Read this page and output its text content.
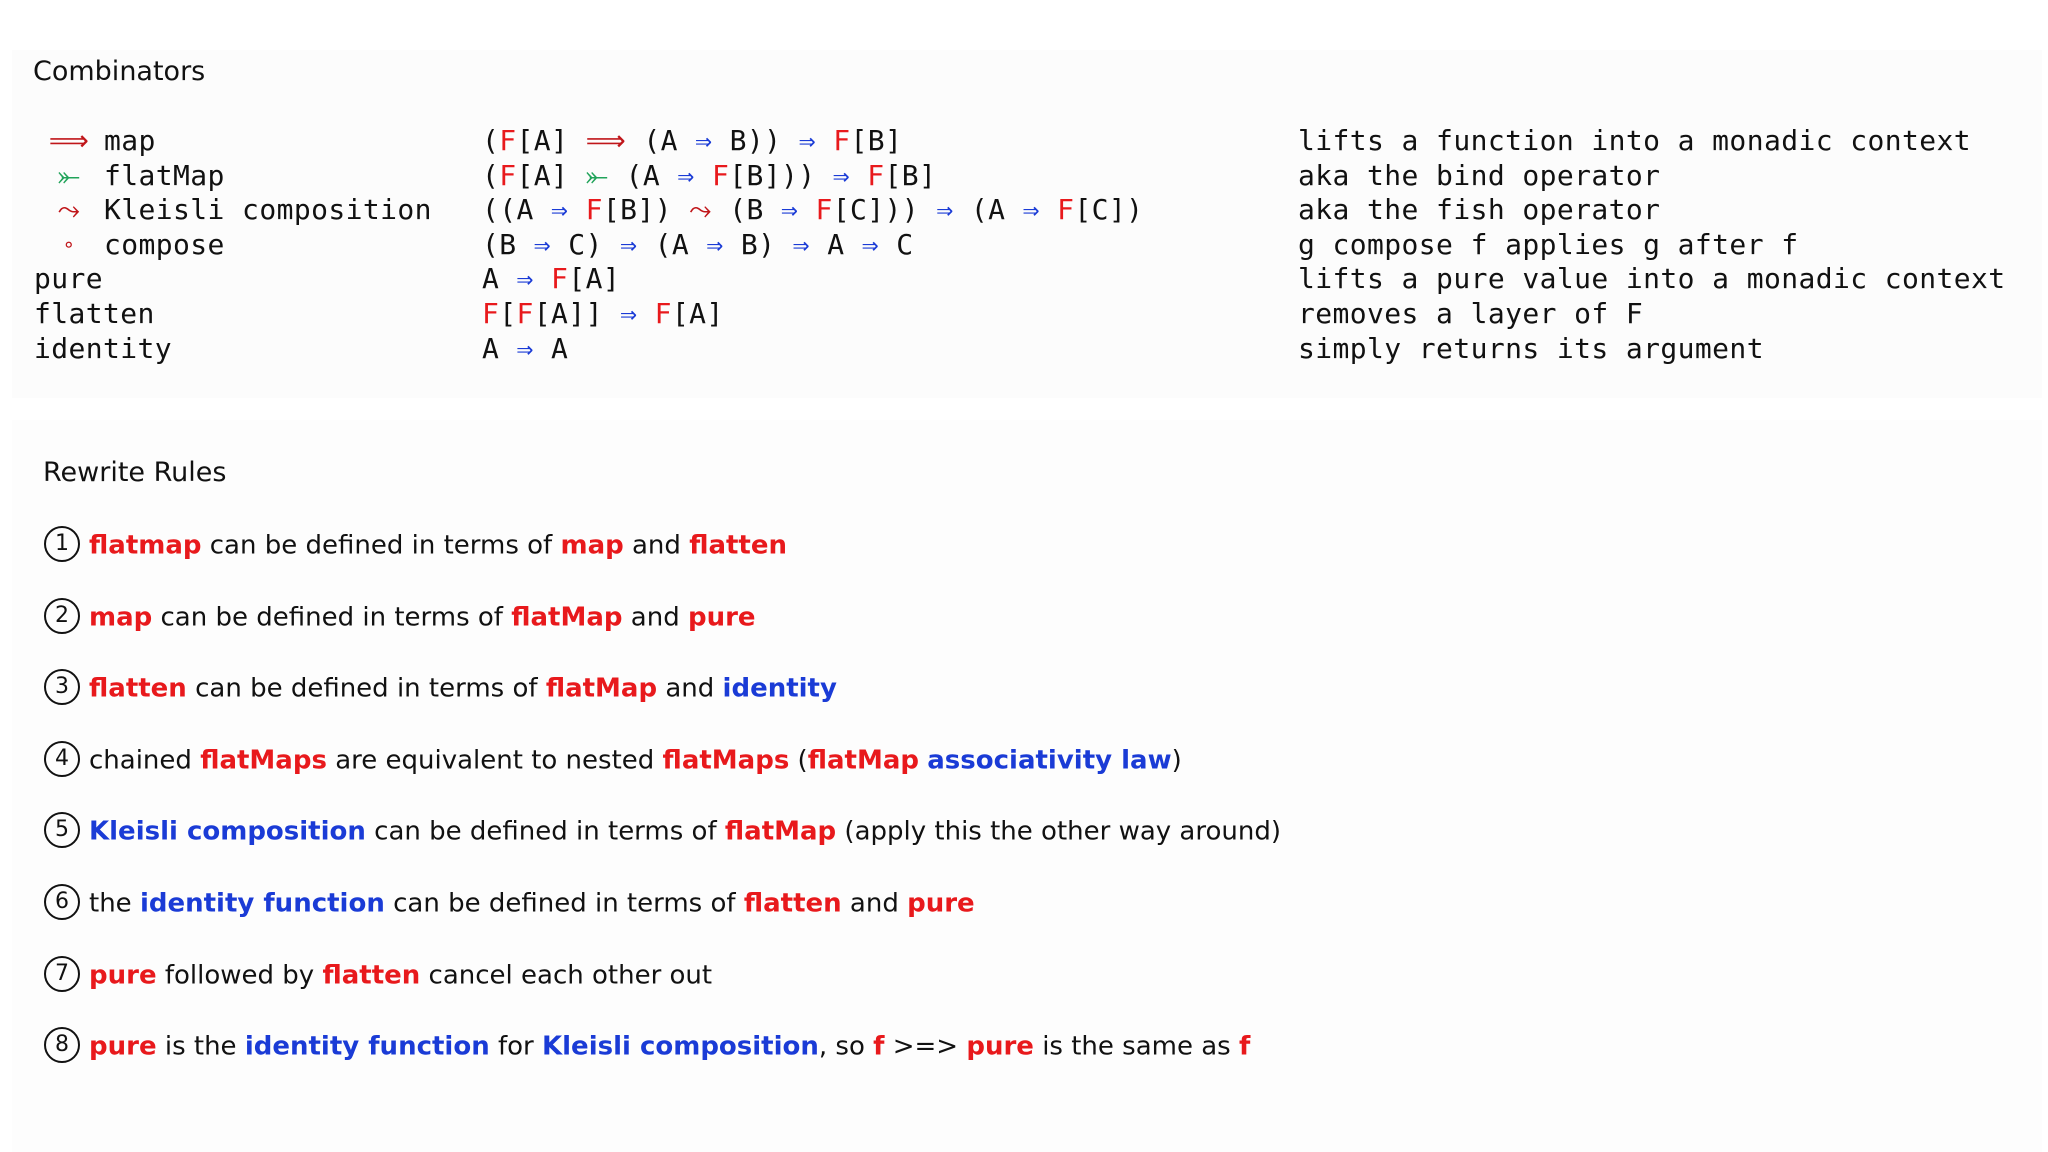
Combinators
⟹ map	(F[A] ⟹ (A ⇒ B)) ⇒ F[B]	lifts a function into a monadic context
⤜ flatMap	(F[A] ⤜ (A ⇒ F[B])) ⇒ F[B]	aka the bind operator
⤳ Kleisli composition ((A ⇒ F[B]) ⤳ (B ⇒ F[C])) ⇒ (A ⇒ F[C])	aka the fish operator
∘ compose	(B ⇒ C) ⇒ (A ⇒ B) ⇒ A ⇒ C	g compose f applies g after f
pure	A ⇒ F[A]	lifts a pure value into a monadic context
flatten	F[F[A]] ⇒ F[A]	removes a layer of F
identity	A ⇒ A	simply returns its argument
Rewrite Rules
1 flatmap can be defined in terms of map and flatten
2 map can be defined in terms of flatMap and pure
3 flatten can be defined in terms of flatMap and identity
4 chained flatMaps are equivalent to nested flatMaps (flatMap associativity law)
5 Kleisli composition can be defined in terms of flatMap (apply this the other way around)
6 the identity function can be defined in terms of flatten and pure
7 pure followed by flatten cancel each other out
8 pure is the identity function for Kleisli composition, so f >=> pure is the same as f
